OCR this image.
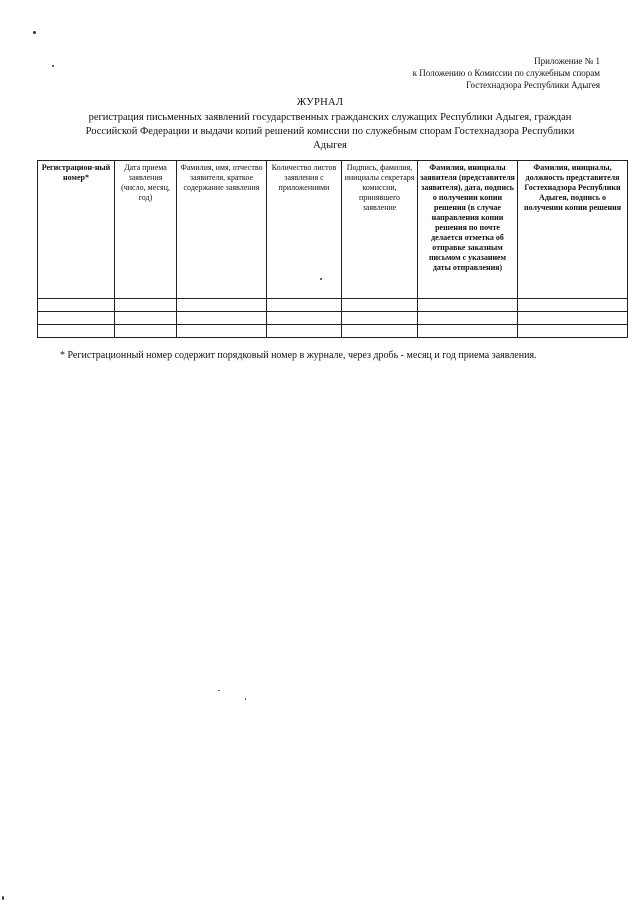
Приложение № 1
к Положению о Комиссии по служебным спорам
Гостехнадзора Республики Адыгея
ЖУРНАЛ
регистрация письменных заявлений государственных гражданских служащих Республики Адыгея, граждан Российской Федерации и выдачи копий решений комиссии по служебным спорам Гостехнадзора Республики Адыгея
Регистрацион-ный номер*	Дата приема заявления (число, месяц, год)	Фамилия, имя, отчество заявителя, краткое содержание заявления	Количество листов заявления с приложениями	Подпись, фамилия, инициалы секретаря комиссии, принявшего заявление	Фамилия, инициалы заявителя (представителя заявителя), дата, подпись о получении копии решения (в случае направления копии решения по почте делается отметка об отправке заказным письмом с указанием даты отправления)	Фамилия, инициалы, должность представителя Гостехнадзора Республики Адыгея, подпись о получении копии решения

* Регистрационный номер содержит порядковый номер в журнале, через дробь - месяц и год приема заявления.
